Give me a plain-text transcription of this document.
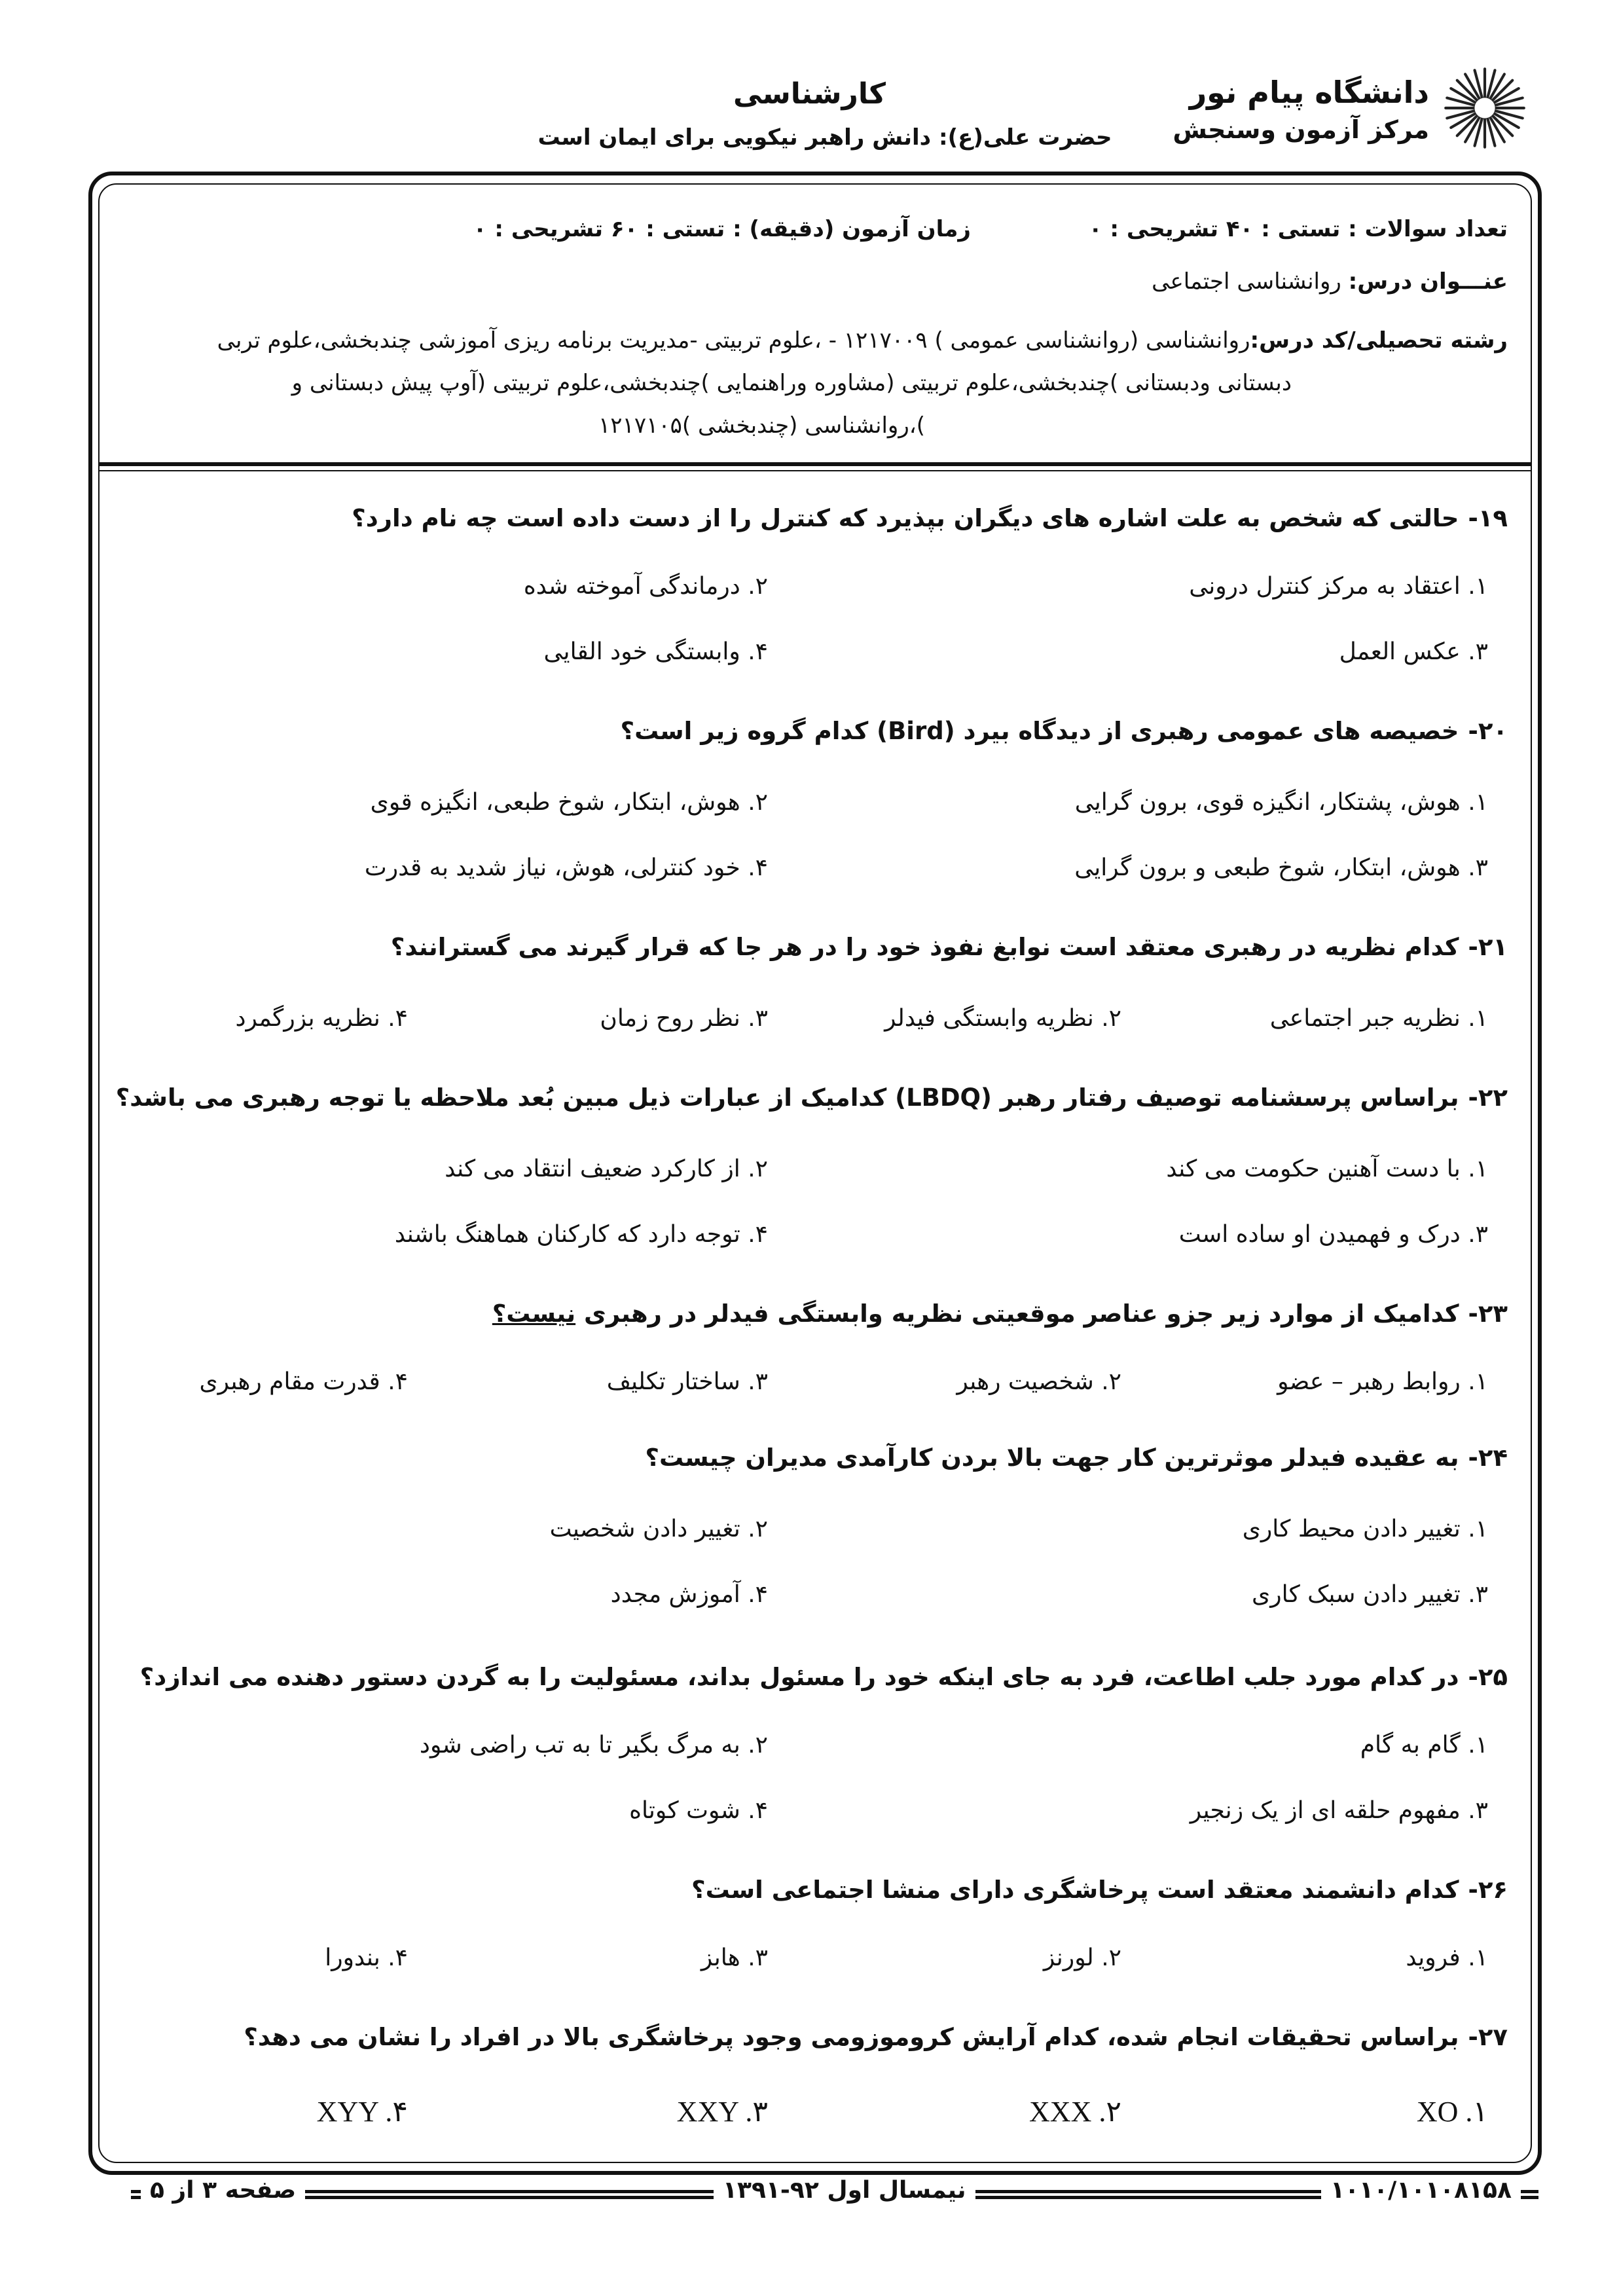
دانشگاه پیام نور
مرکز آزمون وسنجش
کارشناسی
حضرت علی(ع): دانش راهبر نیکویی برای ایمان است
تعداد سوالات : تستی : ۴۰ تشریحی : ۰
زمان آزمون (دقیقه) : تستی : ۶۰ تشریحی : ۰
عنـــوان درس: روانشناسی اجتماعی
رشته تحصیلی/کد درس:روانشناسی (روانشناسی عمومی ) ۱۲۱۷۰۰۹ - ،علوم تربیتی -مدیریت برنامه ریزی آموزشی چندبخشی،علوم تربی
دبستانی ودبستانی )چندبخشی،علوم تربیتی (مشاوره وراهنمایی )چندبخشی،علوم تربیتی (آوپ پیش دبستانی و
)،روانشناسی (چندبخشی )۱۲۱۷۱۰۵
۱۹-حالتی که شخص به علت اشاره های دیگران بپذیرد که کنترل را از دست داده است چه نام دارد؟
۱. اعتقاد به مرکز کنترل درونی
۲. درماندگی آموخته شده
۳. عکس العمل
۴. وابستگی خود القایی
۲۰-خصیصه های عمومی رهبری از دیدگاه بیرد (Bird) کدام گروه زیر است؟
۱. هوش، پشتکار، انگیزه قوی، برون گرایی
۲. هوش، ابتکار، شوخ طبعی، انگیزه قوی
۳. هوش، ابتکار، شوخ طبعی و برون گرایی
۴. خود کنترلی، هوش، نیاز شدید به قدرت
۲۱-کدام نظریه در رهبری معتقد است نوابغ نفوذ خود را در هر جا که قرار گیرند می گسترانند؟
۱. نظریه جبر اجتماعی
۲. نظریه وابستگی فیدلر
۳. نظر روح زمان
۴. نظریه بزرگمرد
۲۲-براساس پرسشنامه توصیف رفتار رهبر (LBDQ) کدامیک از عبارات ذیل مبین بُعد ملاحظه یا توجه رهبری می باشد؟
۱. با دست آهنین حکومت می کند
۲. از کارکرد ضعیف انتقاد می کند
۳. درک و فهمیدن او ساده است
۴. توجه دارد که کارکنان هماهنگ باشند
۲۳-کدامیک از موارد زیر جزو عناصر موقعیتی نظریه وابستگی فیدلر در رهبری نیست؟
۱. روابط رهبر – عضو
۲. شخصیت رهبر
۳. ساختار تکلیف
۴. قدرت مقام رهبری
۲۴-به عقیده فیدلر موثرترین کار جهت بالا بردن کارآمدی مدیران چیست؟
۱. تغییر دادن محیط کاری
۲. تغییر دادن شخصیت
۳. تغییر دادن سبک کاری
۴. آموزش مجدد
۲۵-در کدام مورد جلب اطاعت، فرد به جای اینکه خود را مسئول بداند، مسئولیت را به گردن دستور دهنده می اندازد؟
۱. گام به گام
۲. به مرگ بگیر تا به تب راضی شود
۳. مفهوم حلقه ای از یک زنجیر
۴. شوت کوتاه
۲۶-کدام دانشمند معتقد است پرخاشگری دارای منشا اجتماعی است؟
۱. فروید
۲. لورنز
۳. هابز
۴. بندورا
۲۷-براساس تحقیقات انجام شده، کدام آرایش کروموزومی وجود پرخاشگری بالا در افراد را نشان می دهد؟
XO .۱
XXX .۲
XXY .۳
XYY .۴
صفحه ۳ از ۵	نیمسال اول ۹۲-۱۳۹۱	۱۰۱۰/۱۰۱۰۸۱۵۸
